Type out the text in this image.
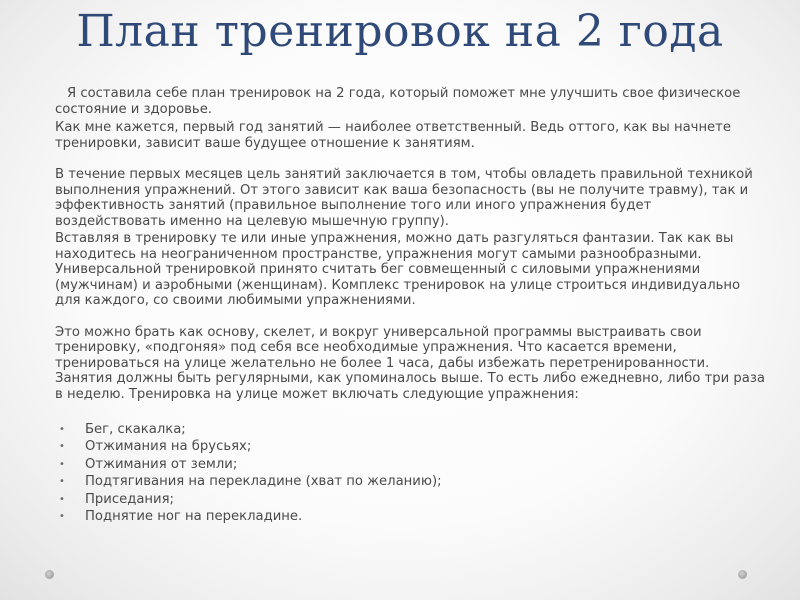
План тренировок на 2 года

Я составила себе план тренировок на 2 года, который поможет мне улучшить свое физическое состояние и здоровье.

Как мне кажется, первый год занятий — наиболее ответственный. Ведь оттого, как вы начнете тренировки, зависит ваше будущее отношение к занятиям.

В течение первых месяцев цель занятий заключается в том, чтобы овладеть правильной техникой выполнения упражнений. От этого зависит как ваша безопасность (вы не получите травму), так и эффективность занятий (правильное выполнение того или иного упражнения будет воздействовать именно на целевую мышечную группу).

Вставляя в тренировку те или иные упражнения, можно дать разгуляться фантазии. Так как вы находитесь на неограниченном пространстве, упражнения могут самыми разнообразными. Универсальной тренировкой принято считать бег совмещенный с силовыми упражнениями (мужчинам) и аэробными (женщинам). Комплекс тренировок на улице строиться индивидуально для каждого, со своими любимыми упражнениями.

Это можно брать как основу, скелет, и вокруг универсальной программы выстраивать свои тренировку, «подгоняя» под себя все необходимые упражнения. Что касается времени, тренироваться на улице желательно не более 1 часа, дабы избежать перетренированности. Занятия должны быть регулярными, как упоминалось выше. То есть либо ежедневно, либо три раза в неделю. Тренировка на улице может включать следующие упражнения:

• Бег, скакалка;
• Отжимания на брусьях;
• Отжимания от земли;
• Подтягивания на перекладине (хват по желанию);
• Приседания;
• Поднятие ног на перекладине.
